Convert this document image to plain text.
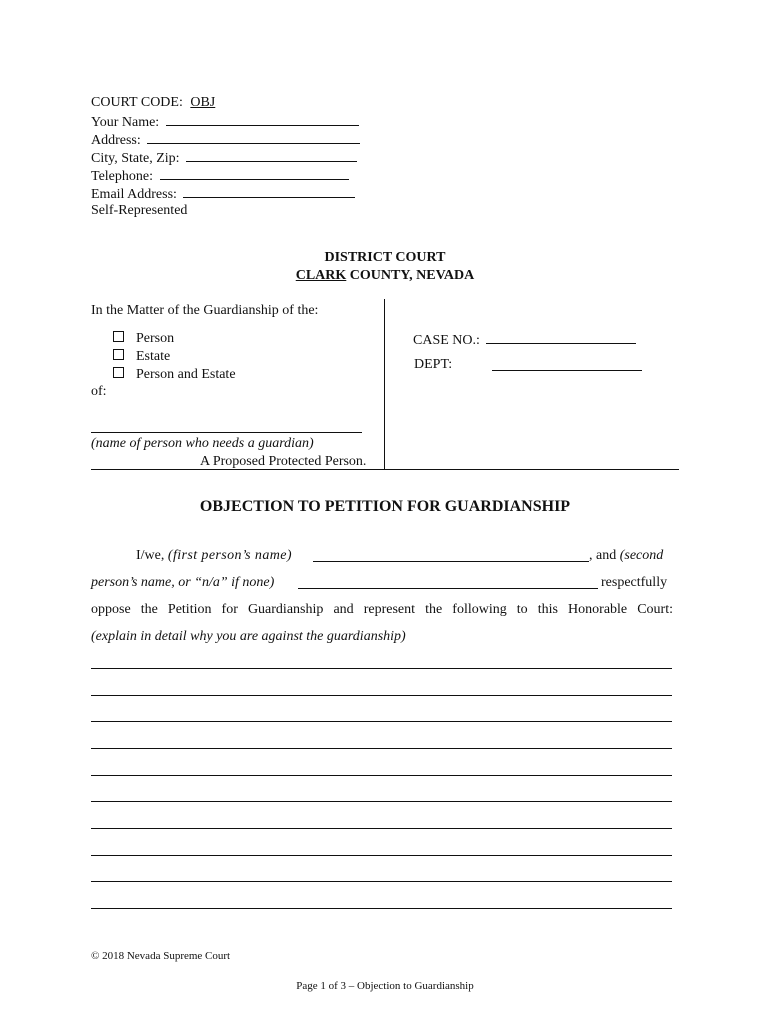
COURT CODE: OBJ
Your Name:
Address:
City, State, Zip:
Telephone:
Email Address:
Self-Represented
DISTRICT COURT
CLARK COUNTY, NEVADA
In the Matter of the Guardianship of the:
Person
Estate
Person and Estate
of:
(name of person who needs a guardian)
A Proposed Protected Person.
CASE NO.:
DEPT:
OBJECTION TO PETITION FOR GUARDIANSHIP
I/we, (first person’s name)	, and (second
person’s name, or “n/a” if none)	respectfully
oppose the Petition for Guardianship and represent the following to this Honorable Court:
(explain in detail why you are against the guardianship)
© 2018 Nevada Supreme Court
Page 1 of 3 – Objection to Guardianship
